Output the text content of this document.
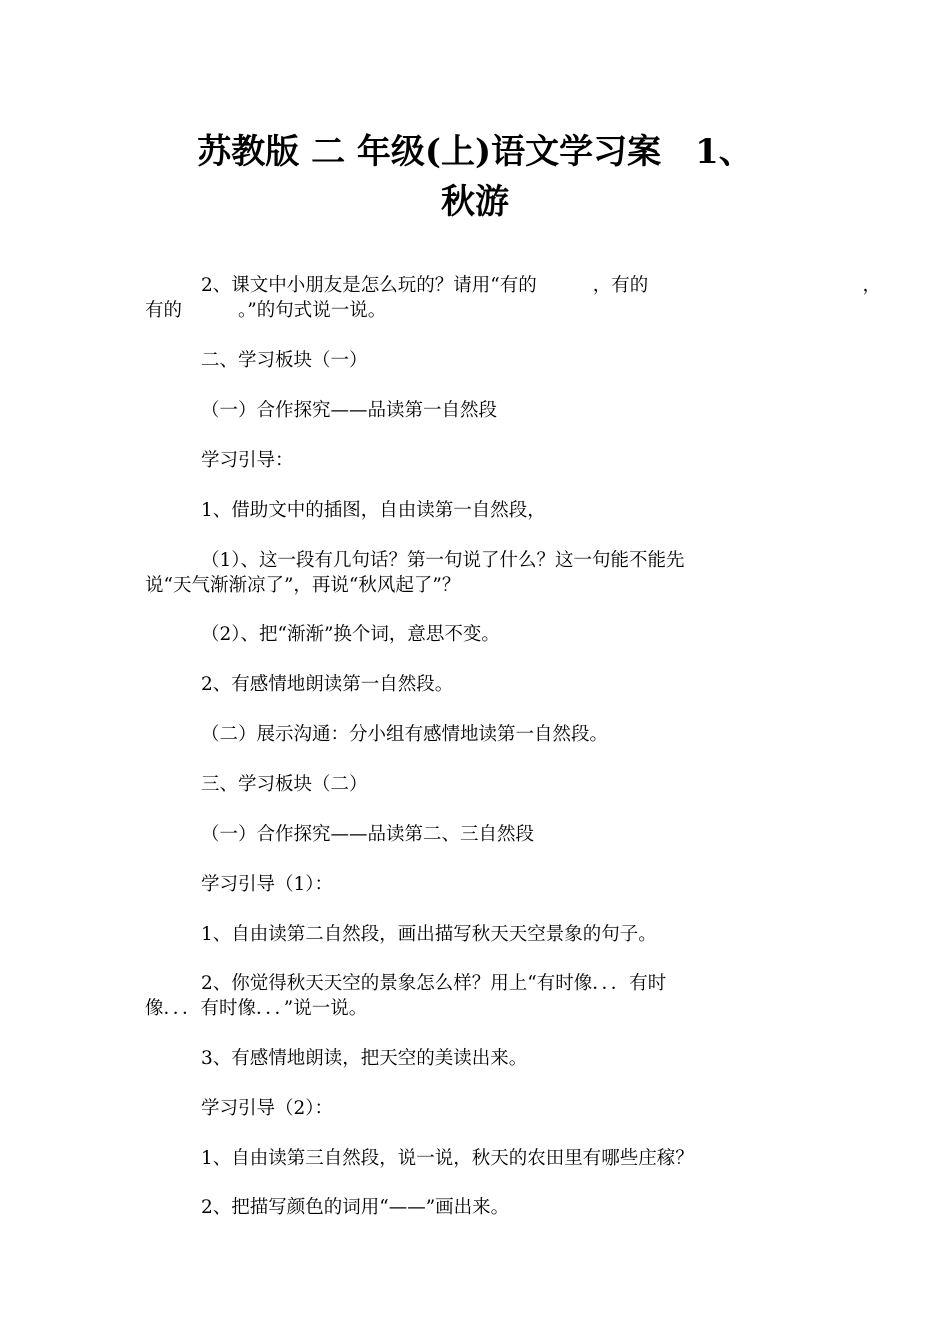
苏教版 二 年级(上)语文学习案　1、
秋游

2、课文中小朋友是怎么玩的？请用“有的	，有的	，

有的	。”的句式说一说。

二、学习板块（一）

（一）合作探究——品读第一自然段

学习引导：

1、借助文中的插图，自由读第一自然段，

（1）、这一段有几句话？第一句说了什么？这一句能不能先

说“天气渐渐凉了”，再说“秋风起了”？

（2）、把“渐渐”换个词，意思不变。

2、有感情地朗读第一自然段。

（二）展示沟通：分小组有感情地读第一自然段。

三、学习板块（二）

（一）合作探究——品读第二、三自然段

学习引导（1）：

1、自由读第二自然段，画出描写秋天天空景象的句子。

2、你觉得秋天天空的景象怎么样？用上“有时像．．．有时

像．．．有时像．．．”说一说。

3、有感情地朗读，把天空的美读出来。

学习引导（2）：

1、自由读第三自然段，说一说，秋天的农田里有哪些庄稼？

2、把描写颜色的词用“——”画出来。
